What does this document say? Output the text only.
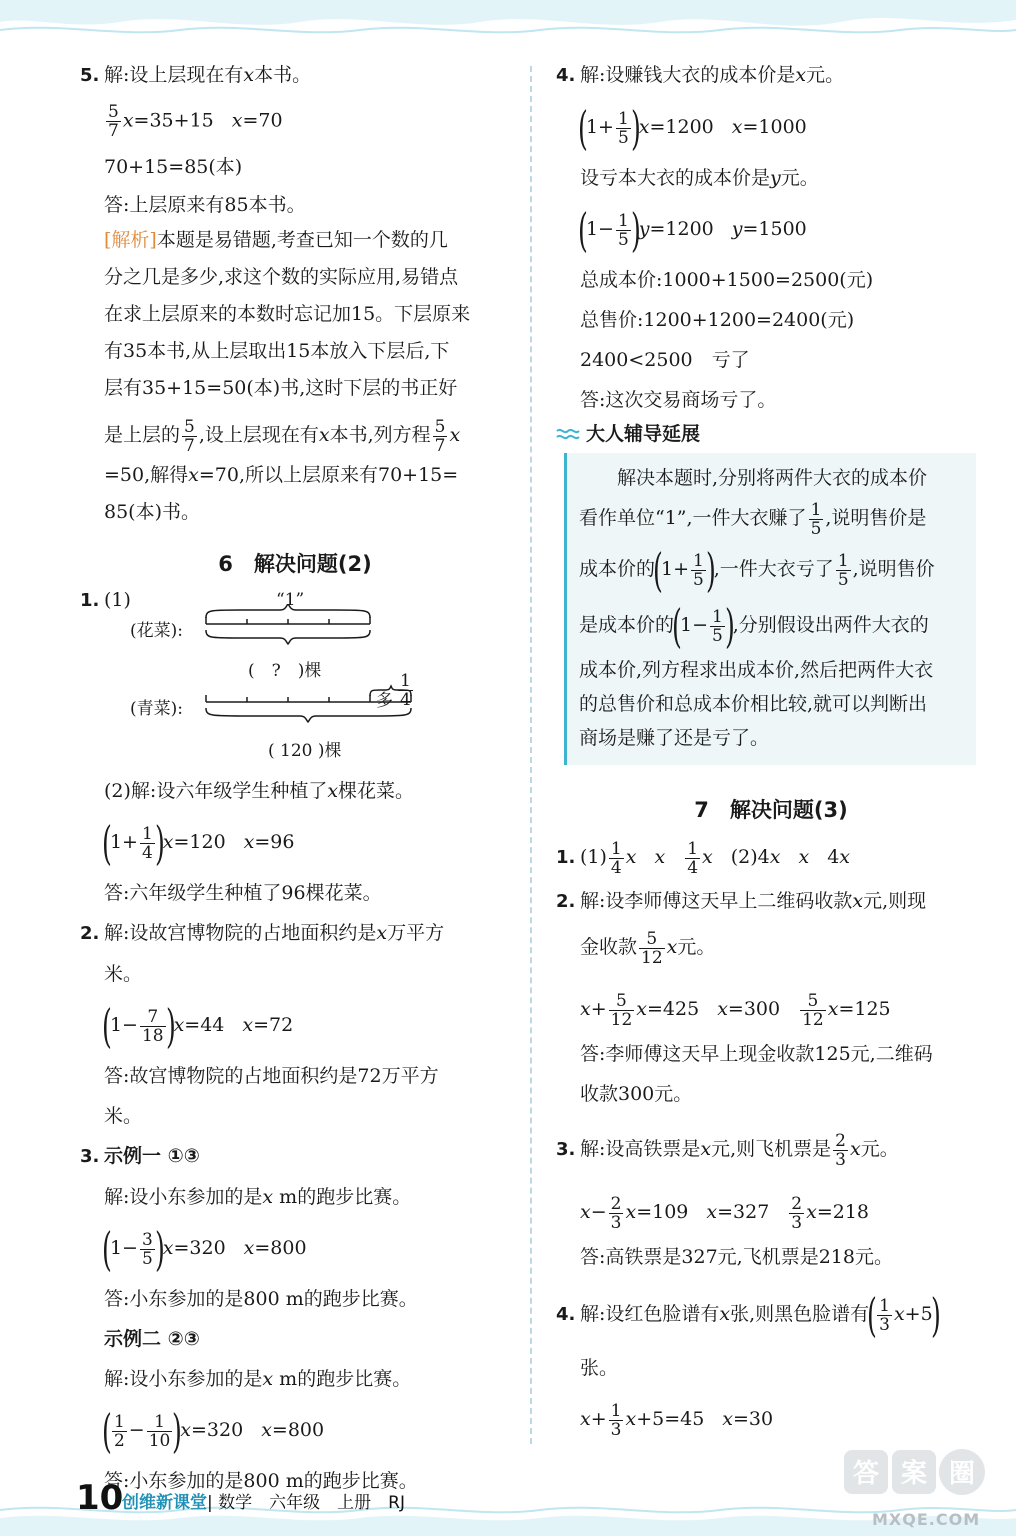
5. 解:设上层现在有x本书。
$\frac{5}{7} x=35+15$ x=70
70+15=85(本)
答:上层原来有85本书。
[解析]本题是易错题,考查已知一个数的几
分之几是多少,求这个数的实际应用,易错点
在求上层原来的本数时忘记加15。下层原来
有35本书,从上层取出15本放入下层后,下
层有35+15=50(本)书,这时下层的书正好
是上层的 $\frac{5}{7}$ ,设上层现在有x本书,列方程 $\frac{5}{7}$ x
=50,解得x=70,所以上层原来有70+15=
85(本)书。
6　解决问题(2)
1. (1)	“1”
(花菜):
(　?　)棵
多 $\frac{1}{4}$
(青菜):
( 120 )棵
(2)解:设六年级学生种植了x棵花菜。
$(1+ \frac{1}{4} )x=120$ x=96
答:六年级学生种植了96棵花菜。
2. 解:设故宫博物院的占地面积约是x万平方
米。
$(1- \frac{7}{18} )x=44$ x=72
答:故宫博物院的占地面积约是72万平方
米。
3. 示例一 ①③
解:设小东参加的是x m的跑步比赛。
$(1- \frac{3}{5} )x=320$ x=800
答:小东参加的是800 m的跑步比赛。
示例二 ②③
解:设小东参加的是x m的跑步比赛。
( $\frac{1}{2} - \frac{1}{10} )x=320$ x=800
答:小东参加的是800 m的跑步比赛。
4. 解:设赚钱大衣的成本价是x元。
$(1+ \frac{1}{5} )x=1200$ x=1000
设亏本大衣的成本价是y元。
$(1- \frac{1}{5} )y=1200$ y=1500
总成本价:1000+1500=2500(元)
总售价:1200+1200=2400(元)
2400<2500　亏了
答:这次交易商场亏了。
大人辅导延展
　　解决本题时,分别将两件大衣的成本价
看作单位“1”,一件大衣赚了 $\frac{1}{5}$ ,说明售价是
成本价的($1+ \frac{1}{5}$ ),一件大衣亏了 $\frac{1}{5}$ ,说明售价
是成本价的($1- \frac{1}{5}$ ),分别假设出两件大衣的
成本价,列方程求出成本价,然后把两件大衣
的总售价和总成本价相比较,就可以判断出
商场是赚了还是亏了。
7　解决问题(3)
1. $(1) \frac{1}{4}$ x x $\frac{1}{4}$ x (2)4x x 4x
2. 解:设李师傅这天早上二维码收款x元,则现
金收款 $\frac{5}{12}$ x元。
$x+ \frac{5}{12} x=425$ $x=300 \frac{5}{12} x=125$
答:李师傅这天早上现金收款125元,二维码
收款300元。
3. 解:设高铁票是x元,则飞机票是 $\frac{2}{3}$ x元。
$x- \frac{2}{3} x=109$ $x=327 \frac{2}{3} x=218$
答:高铁票是327元,飞机票是218元。
4. 解:设红色脸谱有x张,则黑色脸谱有( $\frac{1}{3} x+5$)
张。
$x+ \frac{1}{3} x+5=45$ x=30
10
创维新课堂| 数学　六年级　上册　RJ
答 案 圈
MXQE.COM
